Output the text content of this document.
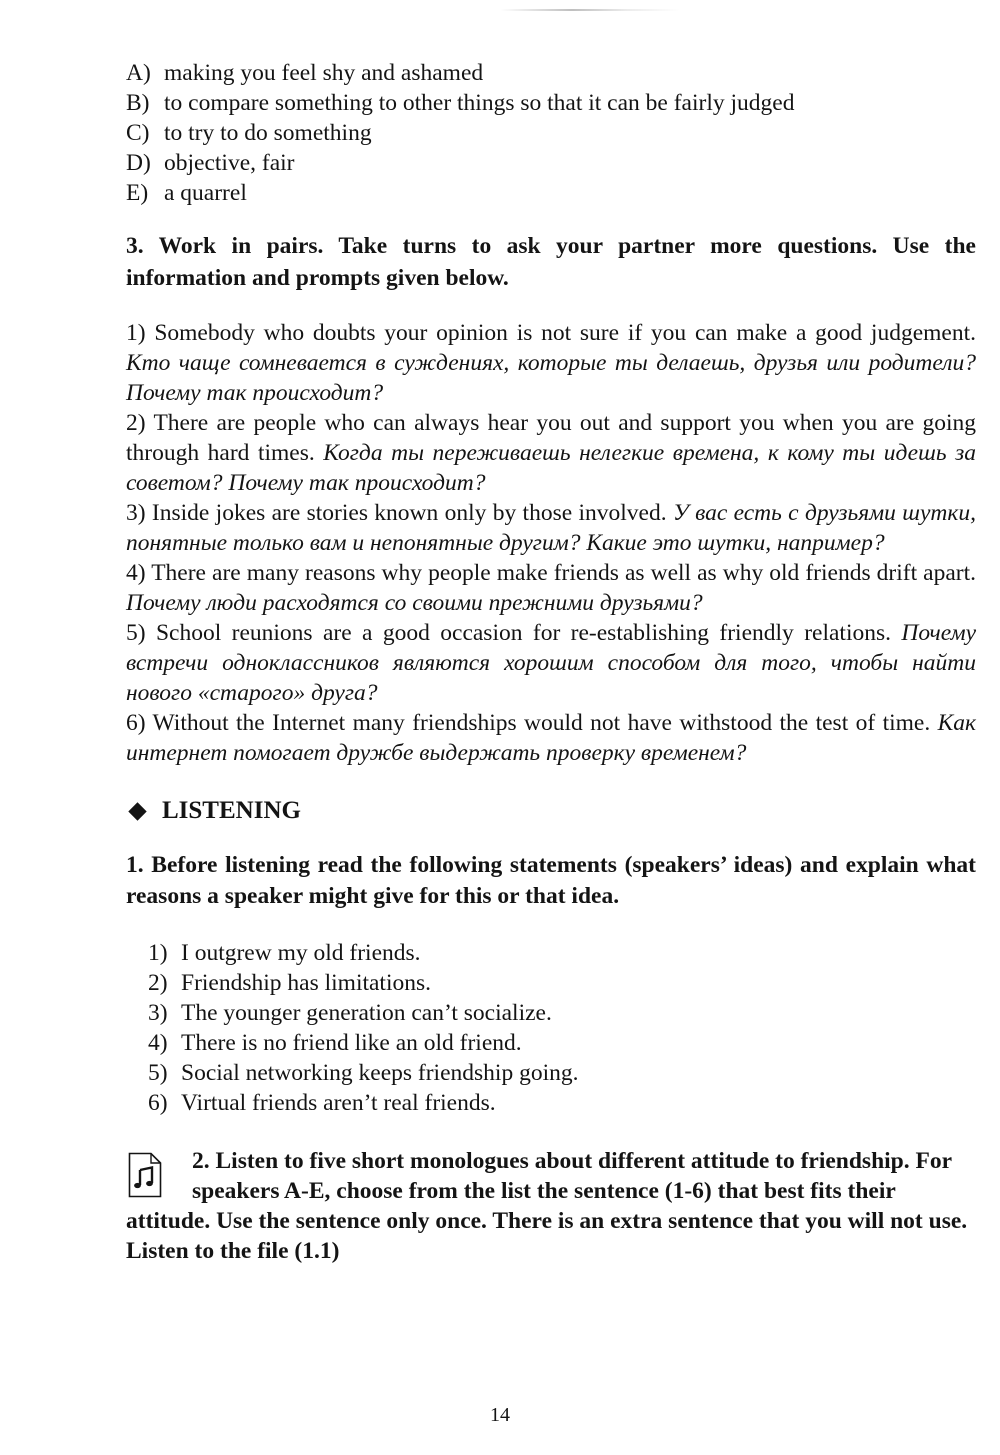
A) making you feel shy and ashamed
B) to compare something to other things so that it can be fairly judged
C) to try to do something
D) objective, fair
E) a quarrel
3. Work in pairs. Take turns to ask your partner more questions. Use the information and prompts given below.
1) Somebody who doubts your opinion is not sure if you can make a good judgement. Кто чаще сомневается в суждениях, которые ты делаешь, друзья или родители? Почему так происходит?
2) There are people who can always hear you out and support you when you are going through hard times. Когда ты переживаешь нелегкие времена, к кому ты идешь за советом? Почему так происходит?
3) Inside jokes are stories known only by those involved. У вас есть с друзьями шутки, понятные только вам и непонятные другим? Какие это шутки, например?
4) There are many reasons why people make friends as well as why old friends drift apart. Почему люди расходятся со своими прежними друзьями?
5) School reunions are a good occasion for re-establishing friendly relations. Почему встречи одноклассников являются хорошим способом для того, чтобы найти нового «старого» друга?
6) Without the Internet many friendships would not have withstood the test of time. Как интернет помогает дружбе выдержать проверку временем?
LISTENING
1. Before listening read the following statements (speakers’ ideas) and explain what reasons a speaker might give for this or that idea.
1) I outgrew my old friends.
2) Friendship has limitations.
3) The younger generation can’t socialize.
4) There is no friend like an old friend.
5) Social networking keeps friendship going.
6) Virtual friends aren’t real friends.
2. Listen to five short monologues about different attitude to friendship. For speakers A-E, choose from the list the sentence (1-6) that best fits their attitude. Use the sentence only once. There is an extra sentence that you will not use. Listen to the file (1.1)
14
